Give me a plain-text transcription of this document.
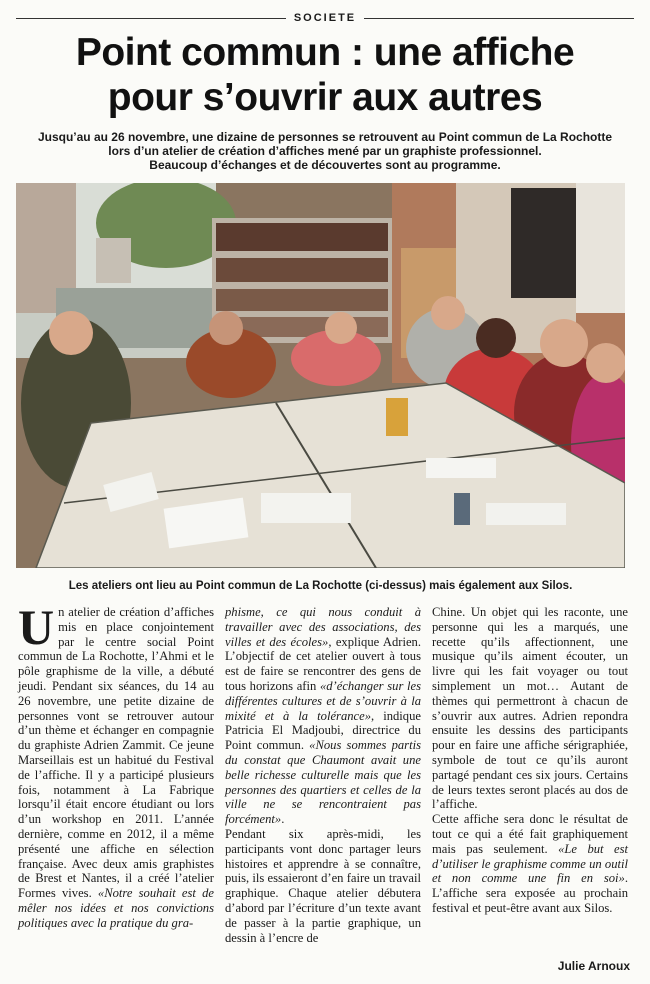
SOCIETE
Point commun : une affiche
pour s’ouvrir aux autres
Jusqu’au au 26 novembre, une dizaine de personnes se retrouvent au Point commun de La Rochotte
lors d’un atelier de création d’affiches mené par un graphiste professionnel.
Beaucoup d’échanges et de découvertes sont au programme.
Les ateliers ont lieu au Point commun de La Rochotte (ci-dessus) mais également aux Silos.

Un atelier de création d’affiches mis en place conjointement par le centre social Point commun de La Rochotte, l’Ahmi et le pôle graphisme de la ville, a débuté jeudi. Pendant six séances, du 14 au 26 novembre, une petite dizaine de personnes vont se retrouver autour d’un thème et échanger en compagnie du graphiste Adrien Zammit. Ce jeune Marseillais est un habitué du Festival de l’affiche. Il y a participé plusieurs fois, notamment à La Fabrique lorsqu’il était encore étudiant ou lors d’un workshop en 2011. L’année dernière, comme en 2012, il a même présenté une affiche en sélection française. Avec deux amis graphistes de Brest et Nantes, il a créé l’atelier Formes vives. «Notre souhait est de mêler nos idées et nos convictions politiques avec la pratique du gra-

phisme, ce qui nous conduit à travailler avec des associations, des villes et des écoles», explique Adrien. L’objectif de cet atelier ouvert à tous est de faire se rencontrer des gens de tous horizons afin «d’échanger sur les différentes cultures et de s’ouvrir à la mixité et à la tolérance», indique Patricia El Madjoubi, directrice du Point commun. «Nous sommes partis du constat que Chaumont avait une belle richesse culturelle mais que les personnes des quartiers et celles de la ville ne se rencontraient pas forcément».

Pendant six après-midi, les participants vont donc partager leurs histoires et apprendre à se connaître, puis, ils essaieront d’en faire un travail graphique. Chaque atelier débutera d’abord par l’écriture d’un texte avant de passer à la partie graphique, un dessin à l’encre de

Chine. Un objet qui les raconte, une personne qui les a marqués, une recette qu’ils affectionnent, une musique qu’ils aiment écouter, un livre qui les fait voyager ou tout simplement un mot… Autant de thèmes qui permettront à chacun de s’ouvrir aux autres. Adrien repondra ensuite les dessins des participants pour en faire une affiche sérigraphiée, symbole de tout ce qu’ils auront partagé pendant ces six jours. Certains de leurs textes seront placés au dos de l’affiche.

Cette affiche sera donc le résultat de tout ce qui a été fait graphiquement mais pas seulement. «Le but est d’utiliser le graphisme comme un outil et non comme une fin en soi». L’affiche sera exposée au prochain festival et peut-être avant aux Silos.

Julie Arnoux
